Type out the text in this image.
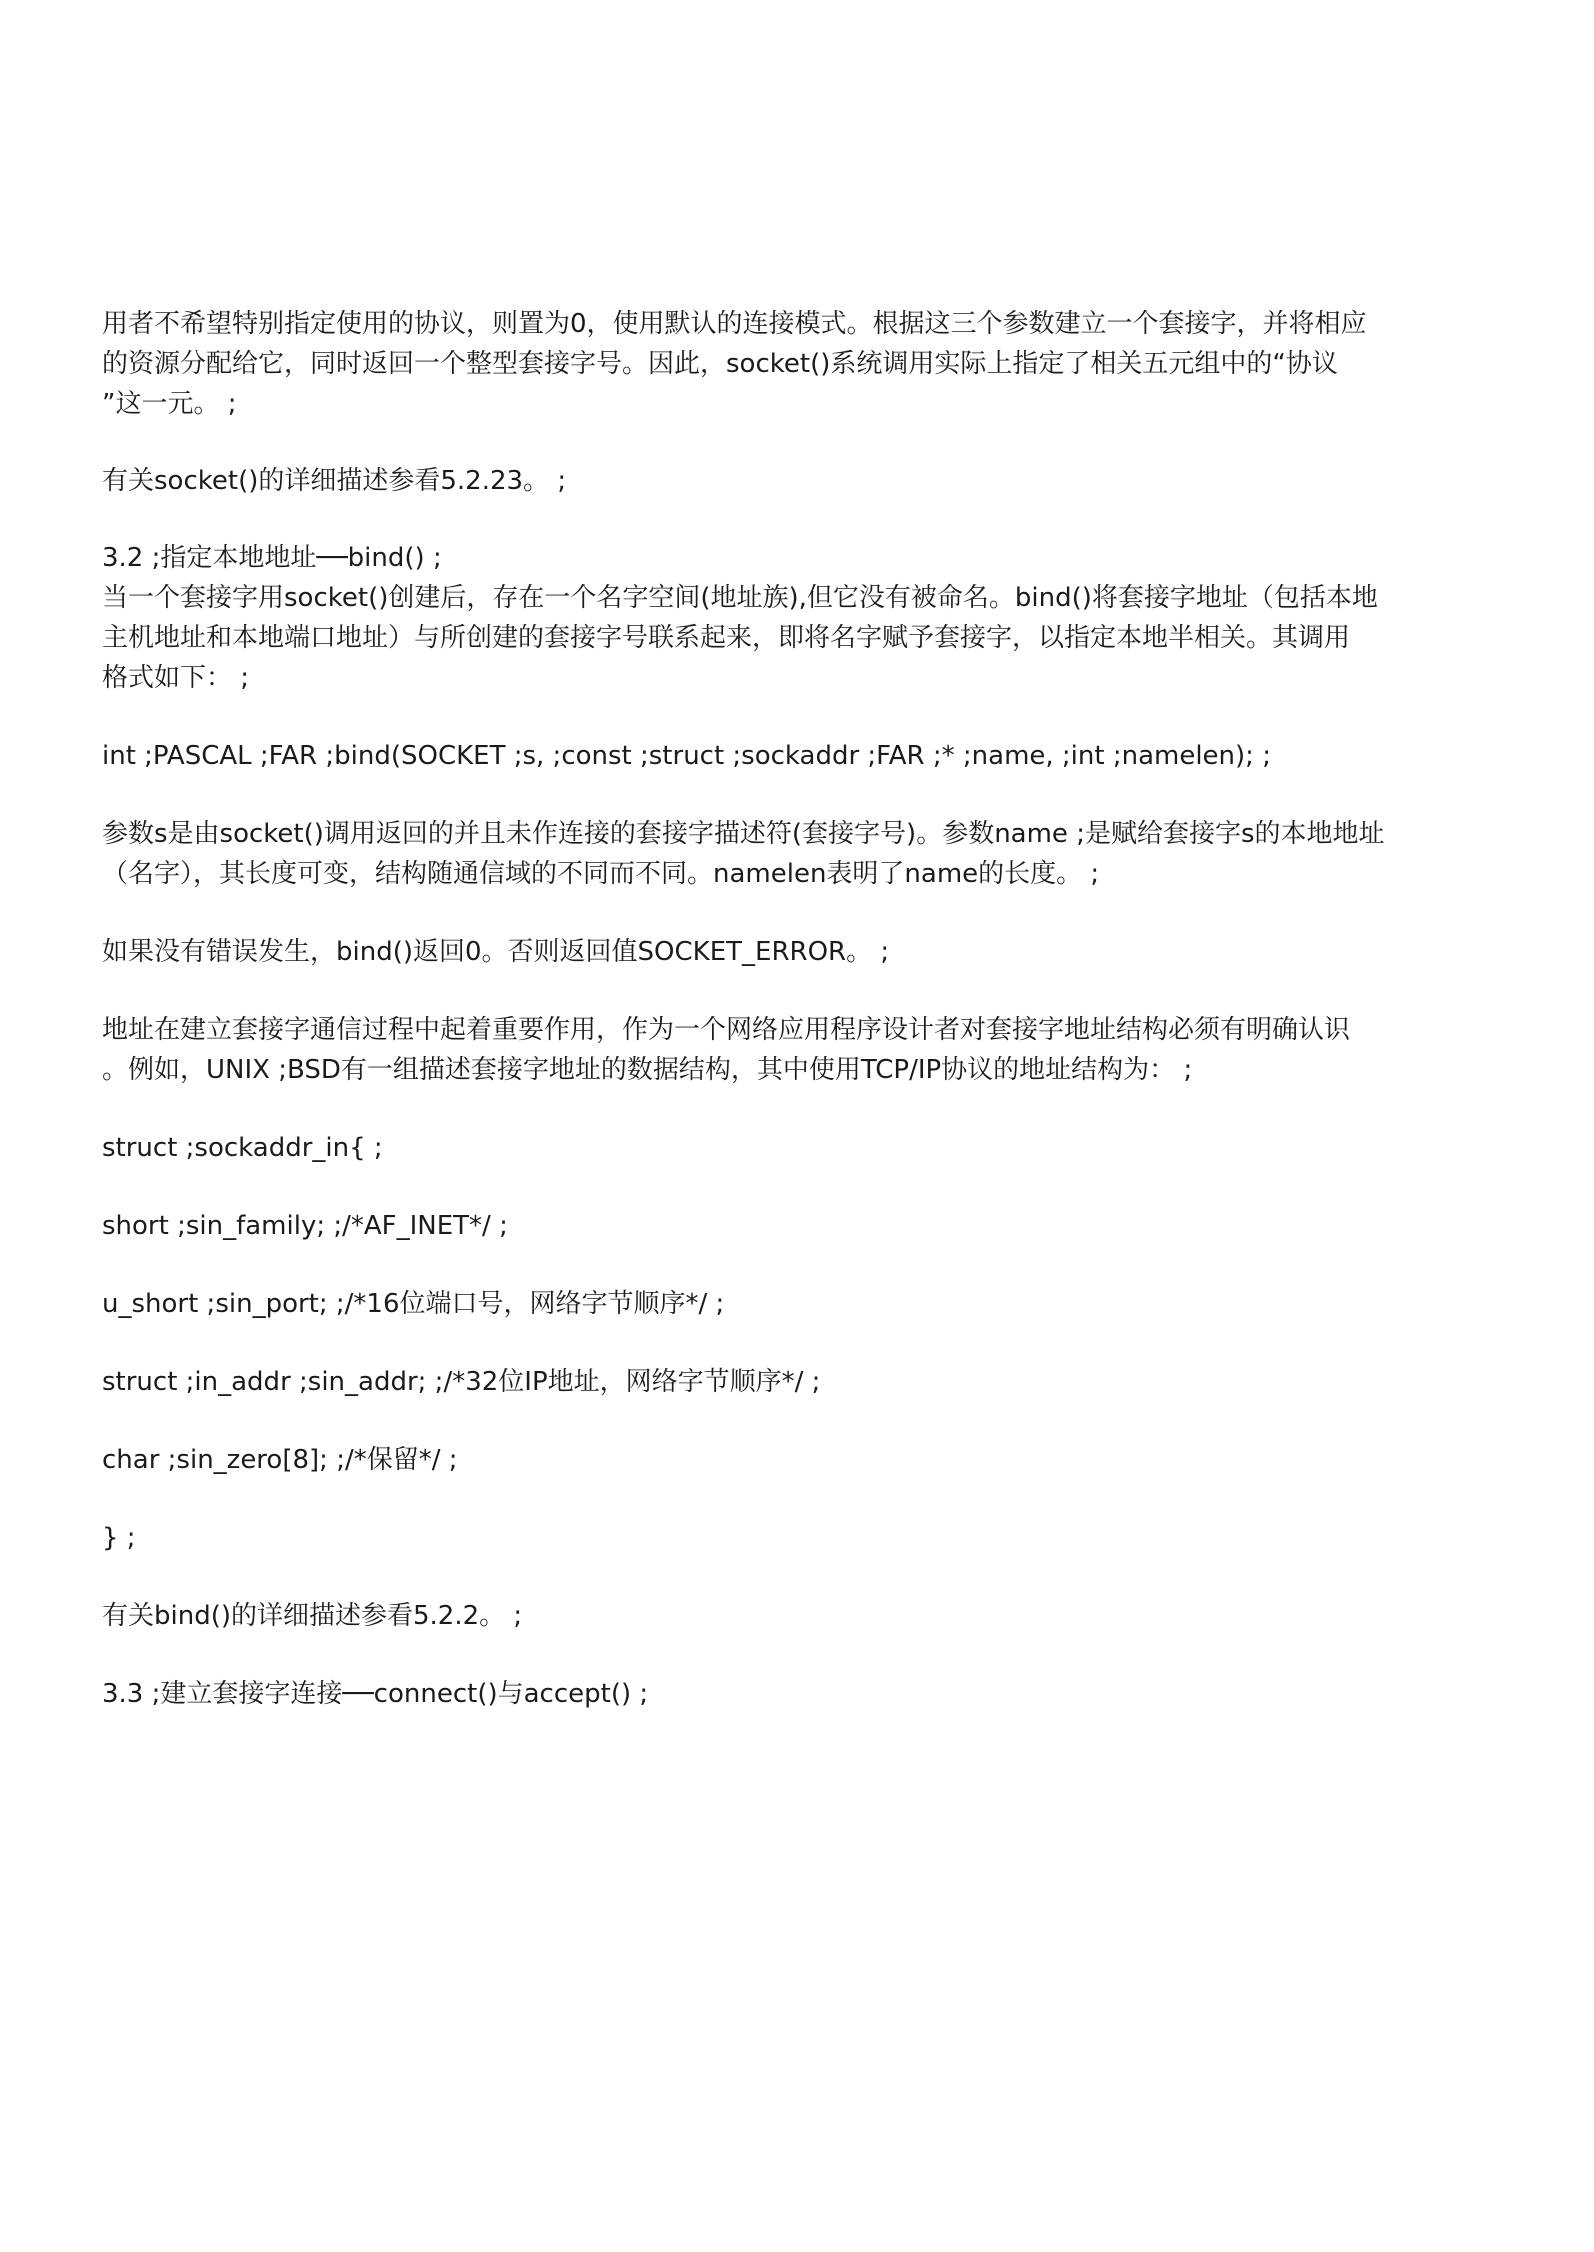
用者不希望特别指定使用的协议，则置为0，使用默认的连接模式。根据这三个参数建立一个套接字，并将相应
的资源分配给它，同时返回一个整型套接字号。因此，socket()系统调用实际上指定了相关五元组中的“协议
”这一元。 ;
有关socket()的详细描述参看5.2.23。 ;
3.2 ;指定本地地址──bind() ;
当一个套接字用socket()创建后，存在一个名字空间(地址族),但它没有被命名。bind()将套接字地址（包括本地
主机地址和本地端口地址）与所创建的套接字号联系起来，即将名字赋予套接字，以指定本地半相关。其调用
格式如下： ;
int ;PASCAL ;FAR ;bind(SOCKET ;s, ;const ;struct ;sockaddr ;FAR ;* ;name, ;int ;namelen); ;
参数s是由socket()调用返回的并且未作连接的套接字描述符(套接字号)。参数name ;是赋给套接字s的本地地址
（名字），其长度可变，结构随通信域的不同而不同。namelen表明了name的长度。 ;
如果没有错误发生，bind()返回0。否则返回值SOCKET_ERROR。 ;
地址在建立套接字通信过程中起着重要作用，作为一个网络应用程序设计者对套接字地址结构必须有明确认识
。例如，UNIX ;BSD有一组描述套接字地址的数据结构，其中使用TCP/IP协议的地址结构为： ;
struct ;sockaddr_in{ ;
short ;sin_family; ;/*AF_INET*/ ;
u_short ;sin_port; ;/*16位端口号，网络字节顺序*/ ;
struct ;in_addr ;sin_addr; ;/*32位IP地址，网络字节顺序*/ ;
char ;sin_zero[8]; ;/*保留*/ ;
} ;
有关bind()的详细描述参看5.2.2。 ;
3.3 ;建立套接字连接──connect()与accept() ;
